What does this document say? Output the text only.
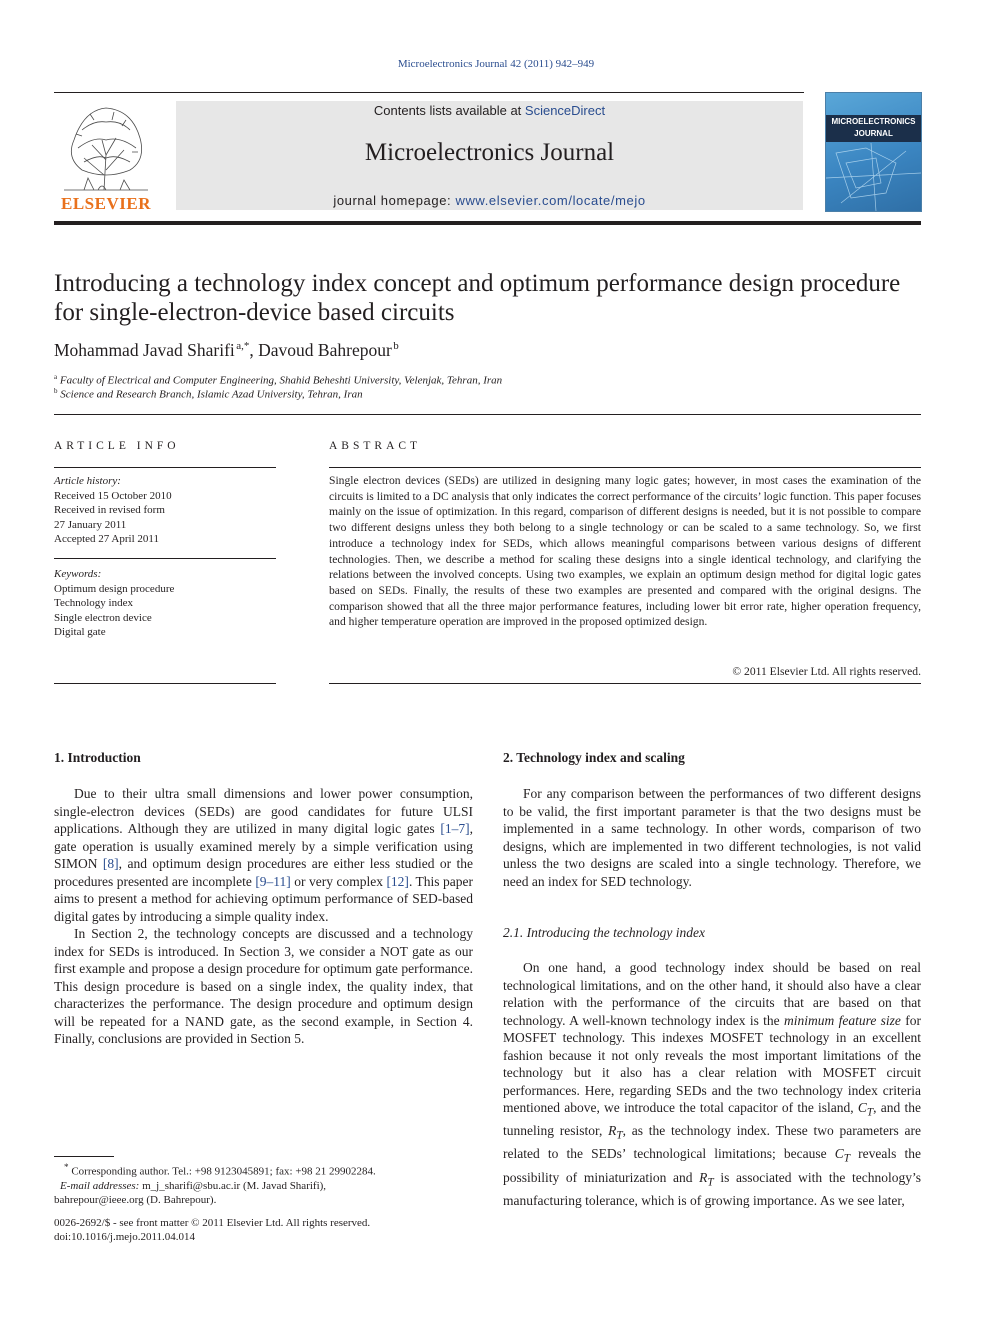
Microelectronics Journal 42 (2011) 942–949
ELSEVIER
Contents lists available at ScienceDirect
Microelectronics Journal
journal homepage: www.elsevier.com/locate/mejo
MICROELECTRONICS
JOURNAL
Introducing a technology index concept and optimum performance design procedure for single-electron-device based circuits
Mohammad Javad Sharifi $^{a,*}$, Davoud Bahrepour $^b$
$^a$ Faculty of Electrical and Computer Engineering, Shahid Beheshti University, Velenjak, Tehran, Iran
$^b$ Science and Research Branch, Islamic Azad University, Tehran, Iran
ARTICLE INFO
Article history:
Received 15 October 2010
Received in revised form
27 January 2011
Accepted 27 April 2011
Keywords:
Optimum design procedure
Technology index
Single electron device
Digital gate
ABSTRACT
Single electron devices (SEDs) are utilized in designing many logic gates; however, in most cases the examination of the circuits is limited to a DC analysis that only indicates the correct performance of the circuits’ logic function. This paper focuses mainly on the issue of optimization. In this regard, comparison of different designs is needed, but it is not possible to compare two different designs unless they both belong to a single technology or can be scaled to a same technology. So, we first introduce a technology index for SEDs, which allows meaningful comparisons between various designs of different technologies. Then, we describe a method for scaling these designs into a single identical technology, and clarifying the relations between the involved concepts. Using two examples, we explain an optimum design method for digital logic gates based on SEDs. Finally, the results of these two examples are presented and compared with the original designs. The comparison showed that all the three major performance features, including lower bit error rate, higher operation frequency, and higher temperature operation are improved in the proposed optimized design.
© 2011 Elsevier Ltd. All rights reserved.
1. Introduction

Due to their ultra small dimensions and lower power consumption, single-electron devices (SEDs) are good candidates for future ULSI applications. Although they are utilized in many digital logic gates [1–7], gate operation is usually examined merely by a simple verification using SIMON [8], and optimum design procedures are either less studied or the procedures presented are incomplete [9–11] or very complex [12]. This paper aims to present a method for achieving optimum performance of SED-based digital gates by introducing a simple quality index.

In Section 2, the technology concepts are discussed and a technology index for SEDs is introduced. In Section 3, we consider a NOT gate as our first example and propose a design procedure for optimum gate performance. This design procedure is based on a single index, the quality index, that characterizes the performance. The design procedure and optimum design will be repeated for a NAND gate, as the second example, in Section 4. Finally, conclusions are provided in Section 5.

2. Technology index and scaling

For any comparison between the performances of two different designs to be valid, the first important parameter is that the two designs must be implemented in a same technology. In other words, comparison of two designs, which are implemented in two different technologies, is not valid unless the two designs are scaled into a single technology. Therefore, we need an index for SED technology.

2.1. Introducing the technology index

On one hand, a good technology index should be based on real technological limitations, and on the other hand, it should also have a clear relation with the performance of the circuits that are based on that technology. A well-known technology index is the minimum feature size for MOSFET technology. This indexes MOSFET technology in an excellent fashion because it not only reveals the most important limitations of the technology but it also has a clear relation with MOSFET circuit performances. Here, regarding SEDs and the two technology index criteria mentioned above, we introduce the total capacitor of the island, $C_T$, and the tunneling resistor, $R_T$, as the technology index. These two parameters are related to the SEDs’ technological limitations; because $C_T$ reveals the possibility of miniaturization and $R_T$ is associated with the technology’s manufacturing tolerance, which is of growing importance. As we see later,

* Corresponding author. Tel.: +98 9123045891; fax: +98 21 29902284.
E-mail addresses: m_j_sharifi@sbu.ac.ir (M. Javad Sharifi),
bahrepour@ieee.org (D. Bahrepour).
0026-2692/$ - see front matter © 2011 Elsevier Ltd. All rights reserved.
doi:10.1016/j.mejo.2011.04.014
